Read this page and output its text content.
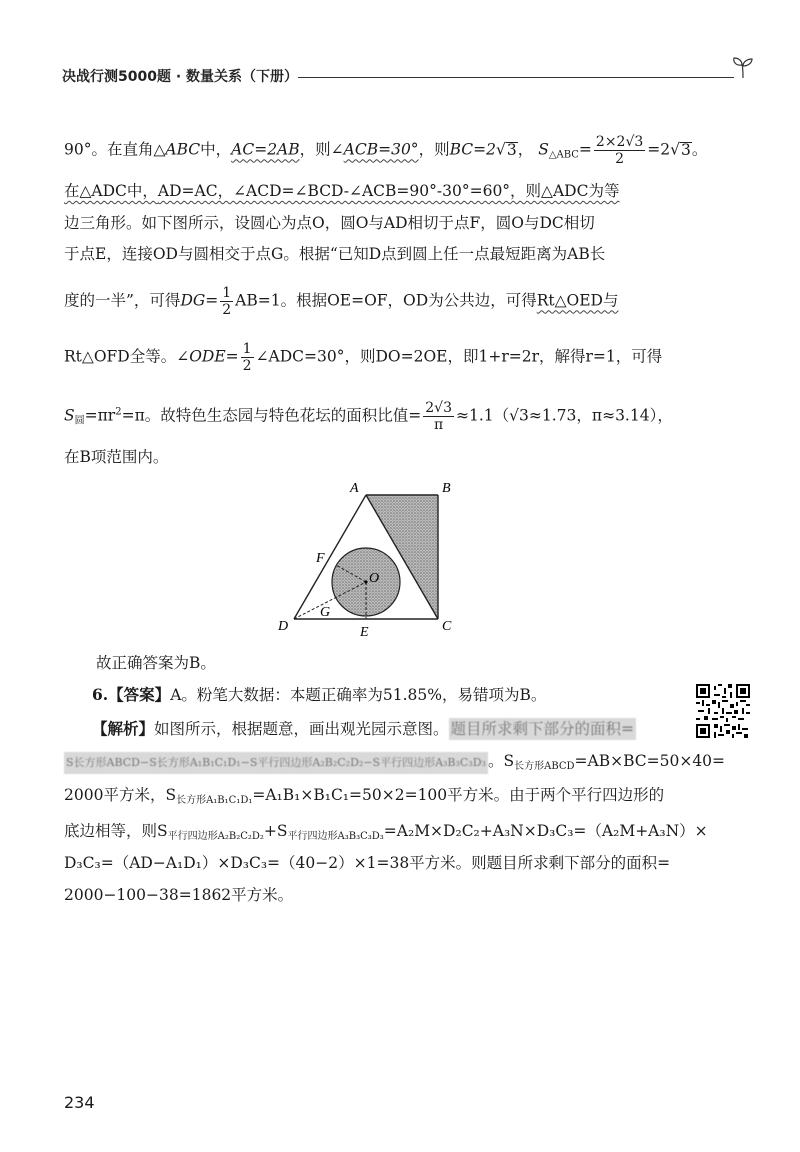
决战行测5000题 · 数量关系（下册）
90°。在直角△ABC中，AC=2AB，则∠ACB=30°，则BC=2√3， $S_{\triangle ABC}= \frac{2\times 2√3}{2} =2√3$。
在△ADC中，AD=AC，∠ACD=∠BCD-∠ACB=90°-30°=60°，则△ADC为等
边三角形。如下图所示，设圆心为点O，圆O与AD相切于点F，圆O与DC相切
于点E，连接OD与圆相交于点G。根据“已知D点到圆上任一点最短距离为AB长
度的一半”，可得$DG= \frac{1}{2} AB=1$。根据OE=OF，OD为公共边，可得Rt△OED与
Rt△OFD全等。∠ODE= $\frac{1}{2}$ ∠ADC=30°，则DO=2OE，即1+r=2r，解得r=1，可得
$S_圆=\pi r^2=\pi$。故特色生态园与特色花坛的面积比值= $\frac{2√3}{\pi} \approx 1.1(√3\approx 1.73$，π≈3.14），
在B项范围内。
A	B
C
D	E
F
G
O
故正确答案为B。
6.【答案】A。粉笔大数据：本题正确率为51.85%，易错项为B。
【解析】如图所示，根据题意，画出观光园示意图。 题目所求剩下部分的面积=
S长方形ABCD−S长方形A₁B₁C₁D₁−S平行四边形A₂B₂C₂D₂−S平行四边形A₃B₃C₃D₃ 。$S_{长方形ABCD}=AB\times BC=50\times 40=$
2000平方米，$S_{长方形A_1B_1C_1D_1}=A_1B_1\times B_1C_1=50\times 2=100$平方米。由于两个平行四边形的
底边相等，则$S_{平行四边形A_2B_2C_2D_2}+S_{平行四边形A_3B_3C_3D_3}=A_2M\times D_2C_2+A_3N\times D_3C_3=(A_2M+A_3N)\times$
D₃C₃=（AD−A₁D₁）×D₃C₃=（40−2）×1=38平方米。则题目所求剩下部分的面积=
2000−100−38=1862平方米。
234
